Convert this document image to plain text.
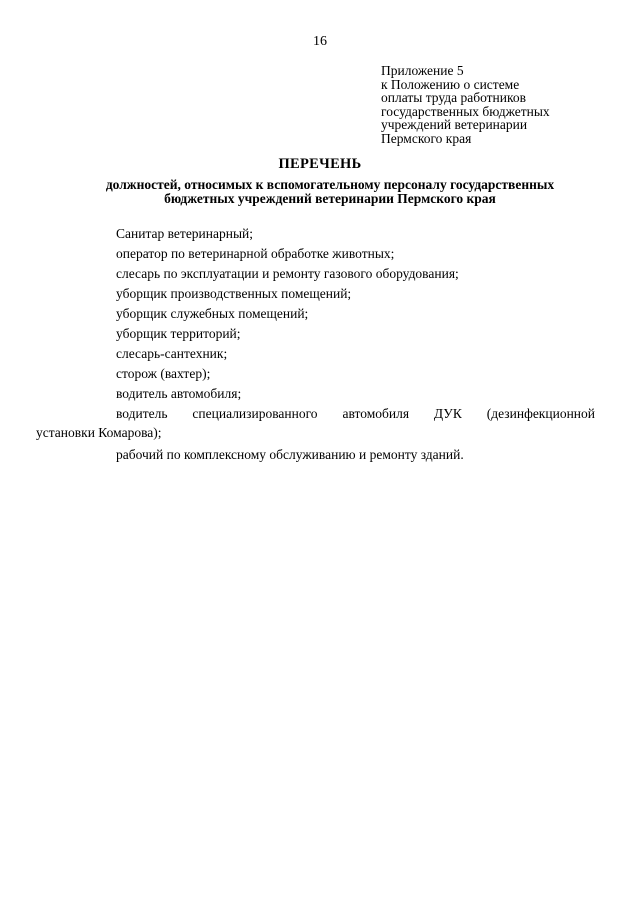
16
Приложение 5
к Положению о системе
оплаты труда работников
государственных бюджетных
учреждений ветеринарии
Пермского края
ПЕРЕЧЕНЬ
должностей, относимых к вспомогательному персоналу государственных
бюджетных учреждений ветеринарии Пермского края
Санитар ветеринарный;
оператор по ветеринарной обработке животных;
слесарь по эксплуатации и ремонту газового оборудования;
уборщик производственных помещений;
уборщик служебных помещений;
уборщик территорий;
слесарь-сантехник;
сторож (вахтер);
водитель автомобиля;
водитель специализированного автомобиля ДУК (дезинфекционной
установки Комарова);
рабочий по комплексному обслуживанию и ремонту зданий.
